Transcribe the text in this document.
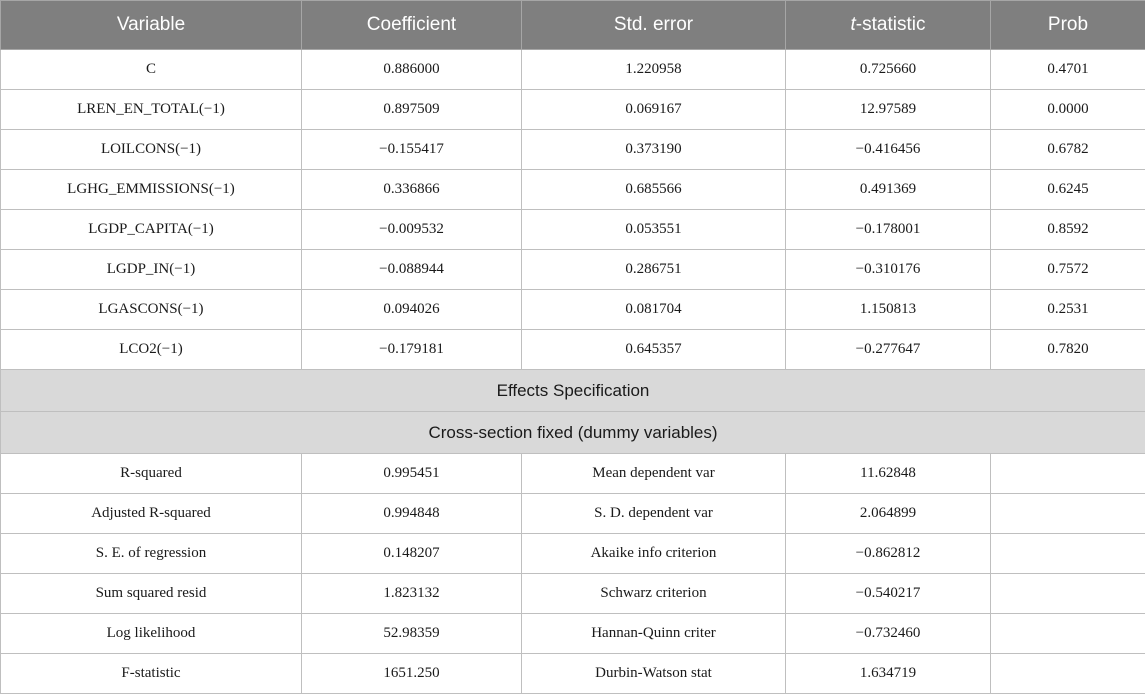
Variable	Coefficient	Std. error	t-statistic	Prob
C	0.886000	1.220958	0.725660	0.4701
LREN_EN_TOTAL(−1)	0.897509	0.069167	12.97589	0.0000
LOILCONS(−1)	−0.155417	0.373190	−0.416456	0.6782
LGHG_EMMISSIONS(−1)	0.336866	0.685566	0.491369	0.6245
LGDP_CAPITA(−1)	−0.009532	0.053551	−0.178001	0.8592
LGDP_IN(−1)	−0.088944	0.286751	−0.310176	0.7572
LGASCONS(−1)	0.094026	0.081704	1.150813	0.2531
LCO2(−1)	−0.179181	0.645357	−0.277647	0.7820
Effects Specification				
Cross-section fixed (dummy variables)				
R-squared	0.995451	Mean dependent var	11.62848	
Adjusted R-squared	0.994848	S. D. dependent var	2.064899	
S. E. of regression	0.148207	Akaike info criterion	−0.862812	
Sum squared resid	1.823132	Schwarz criterion	−0.540217	
Log likelihood	52.98359	Hannan-Quinn criter	−0.732460	
F-statistic	1651.250	Durbin-Watson stat	1.634719	
